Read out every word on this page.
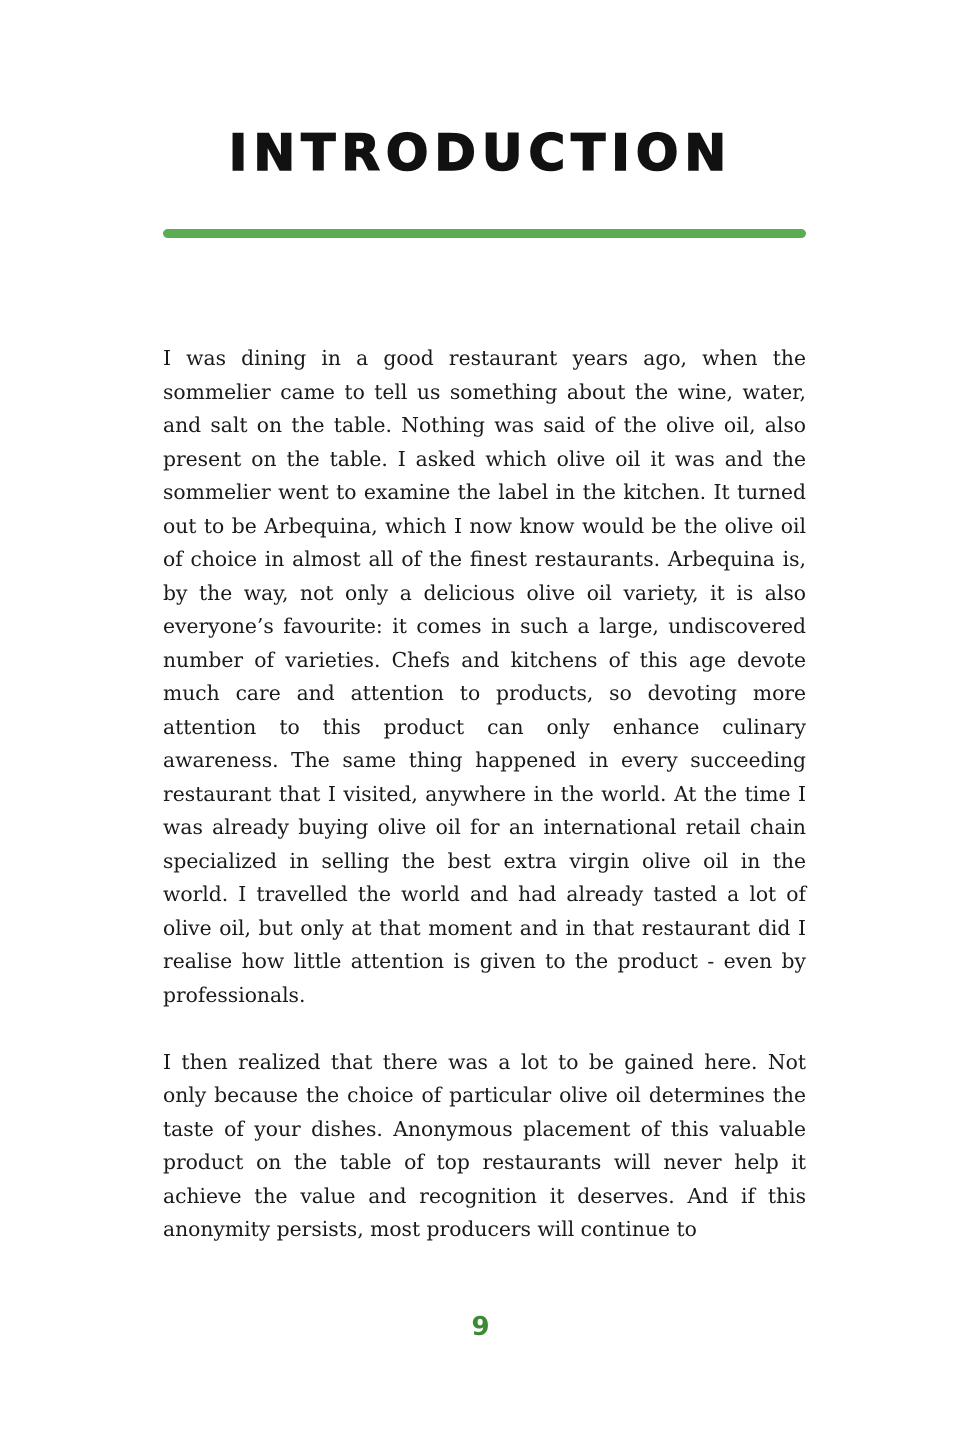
INTRODUCTION

I was dining in a good restaurant years ago, when the sommelier came to tell us something about the wine, water, and salt on the table. Nothing was said of the olive oil, also present on the table. I asked which olive oil it was and the sommelier went to examine the label in the kitchen. It turned out to be Arbequina, which I now know would be the olive oil of choice in almost all of the finest restaurants. Arbequina is, by the way, not only a delicious olive oil variety, it is also everyone’s favourite: it comes in such a large, undiscovered number of varieties. Chefs and kitchens of this age devote much care and attention to products, so devoting more attention to this product can only enhance culinary awareness. The same thing happened in every succeeding restaurant that I visited, anywhere in the world. At the time I was already buying olive oil for an international retail chain specialized in selling the best extra virgin olive oil in the world. I travelled the world and had already tasted a lot of olive oil, but only at that moment and in that restaurant did I realise how little attention is given to the product - even by professionals.

I then realized that there was a lot to be gained here. Not only because the choice of particular olive oil determines the taste of your dishes. Anonymous placement of this valuable product on the table of top restaurants will never help it achieve the value and recognition it deserves. And if this anonymity persists, most producers will continue to

9
